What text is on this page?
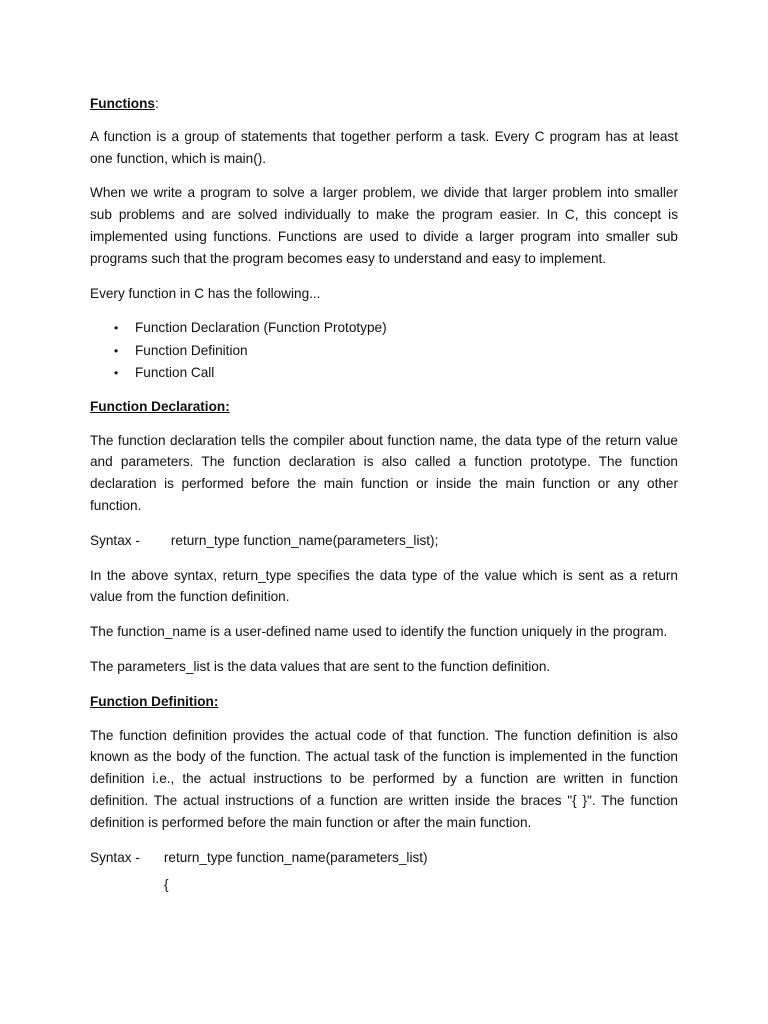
Functions:

A function is a group of statements that together perform a task. Every C program has at least one function, which is main().

When we write a program to solve a larger problem, we divide that larger problem into smaller sub problems and are solved individually to make the program easier. In C, this concept is implemented using functions. Functions are used to divide a larger program into smaller sub programs such that the program becomes easy to understand and easy to implement.

Every function in C has the following...

• Function Declaration (Function Prototype)
• Function Definition
• Function Call

Function Declaration:

The function declaration tells the compiler about function name, the data type of the return value and parameters. The function declaration is also called a function prototype. The function declaration is performed before the main function or inside the main function or any other function.

Syntax - return_type function_name(parameters_list);

In the above syntax, return_type specifies the data type of the value which is sent as a return value from the function definition.

The function_name is a user-defined name used to identify the function uniquely in the program.

The parameters_list is the data values that are sent to the function definition.

Function Definition:

The function definition provides the actual code of that function. The function definition is also known as the body of the function. The actual task of the function is implemented in the function definition i.e., the actual instructions to be performed by a function are written in function definition. The actual instructions of a function are written inside the braces "{ }". The function definition is performed before the main function or after the main function.

Syntax - return_type function_name(parameters_list)

{
